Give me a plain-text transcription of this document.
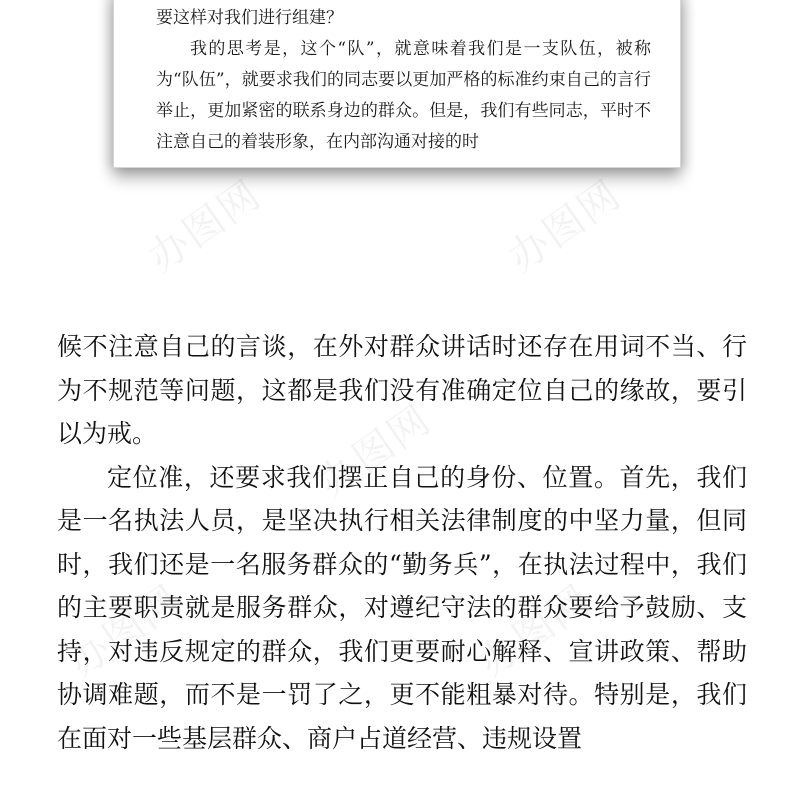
要这样对我们进行组建？

我的思考是，这个“队”，就意味着我们是一支队伍，被称为“队伍”，就要求我们的同志要以更加严格的标准约束自己的言行举止，更加紧密的联系身边的群众。但是，我们有些同志，平时不注意自己的着装形象，在内部沟通对接的时

候不注意自己的言谈，在外对群众讲话时还存在用词不当、行为不规范等问题，这都是我们没有准确定位自己的缘故，要引以为戒。

定位准，还要求我们摆正自己的身份、位置。首先，我们是一名执法人员，是坚决执行相关法律制度的中坚力量，但同时，我们还是一名服务群众的“勤务兵”，在执法过程中，我们的主要职责就是服务群众，对遵纪守法的群众要给予鼓励、支持，对违反规定的群众，我们更要耐心解释、宣讲政策、帮助协调难题，而不是一罚了之，更不能粗暴对待。特别是，我们在面对一些基层群众、商户占道经营、违规设置

办图网	办图网
办图网
办图网	办图网
